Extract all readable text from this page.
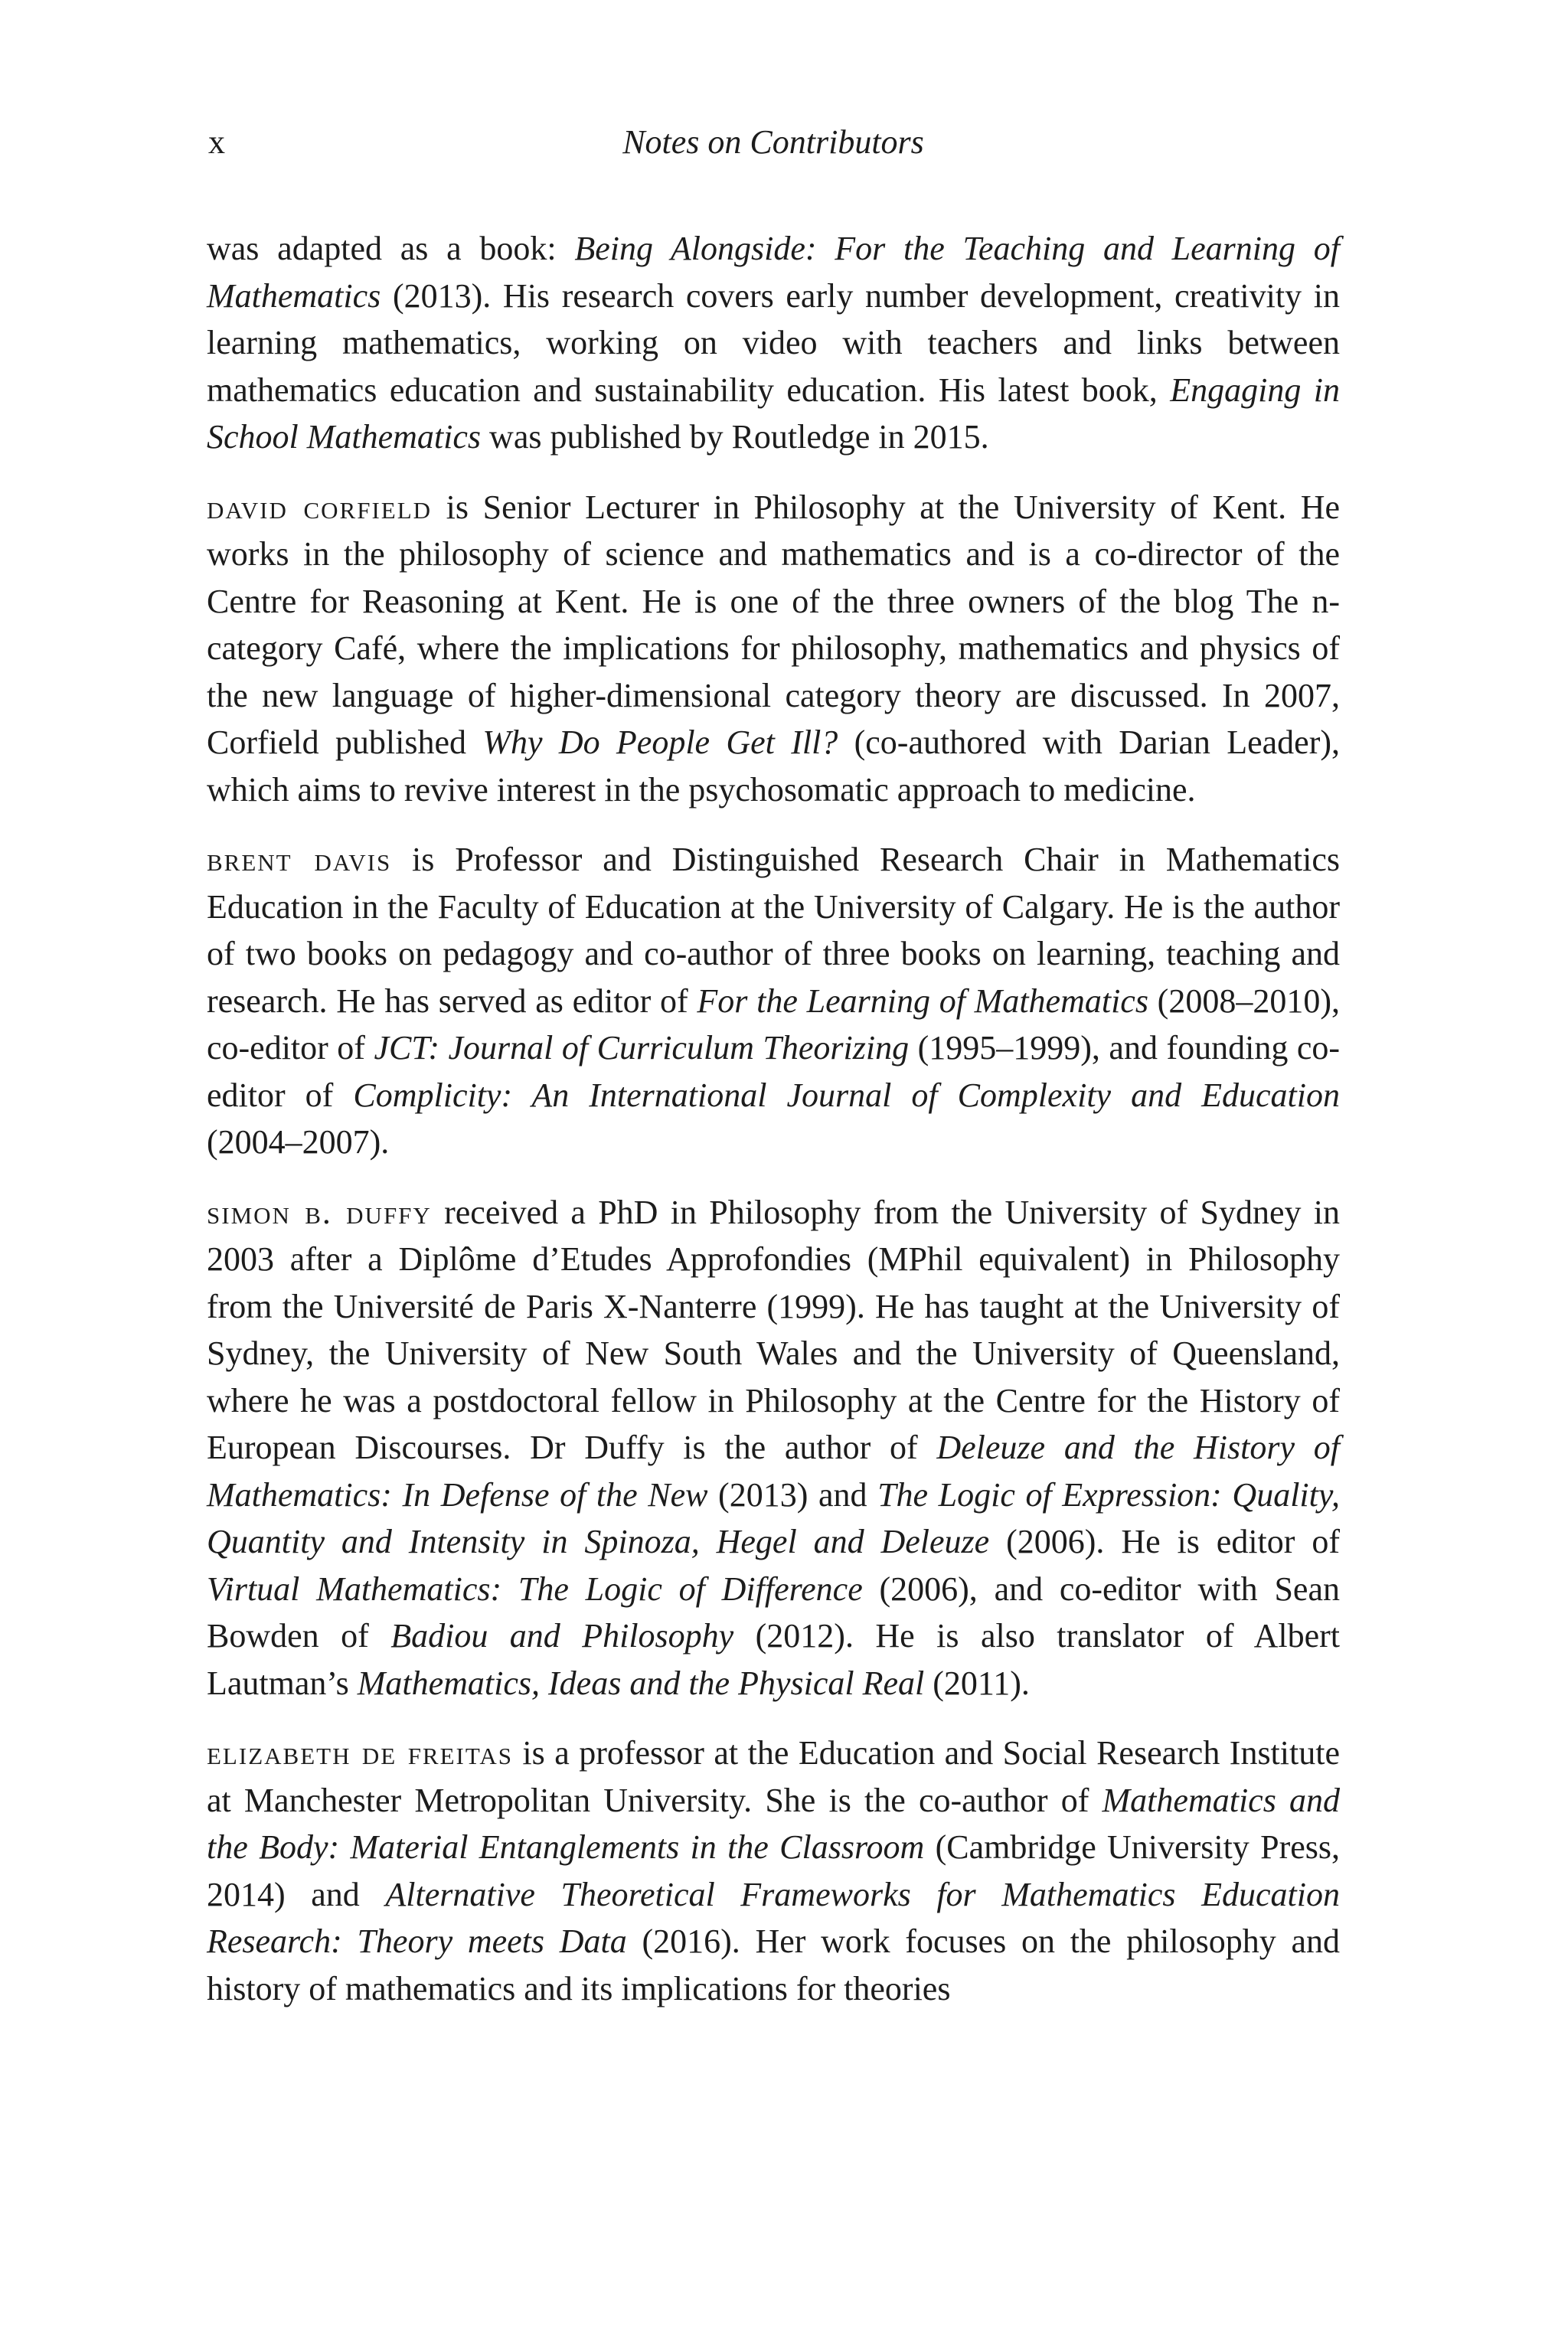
x	Notes on Contributors

was adapted as a book: Being Alongside: For the Teaching and Learning of Mathematics (2013). His research covers early number development, creativity in learning mathematics, working on video with teachers and links between mathematics education and sustainability education. His latest book, Engaging in School Mathematics was published by Routledge in 2015.

david corfield is Senior Lecturer in Philosophy at the University of Kent. He works in the philosophy of science and mathematics and is a co-director of the Centre for Reasoning at Kent. He is one of the three owners of the blog The n-category Café, where the implications for philosophy, mathematics and physics of the new language of higher-dimensional category theory are discussed. In 2007, Corfield published Why Do People Get Ill? (co-authored with Darian Leader), which aims to revive interest in the psychosomatic approach to medicine.

brent davis is Professor and Distinguished Research Chair in Mathematics Education in the Faculty of Education at the University of Calgary. He is the author of two books on pedagogy and co-author of three books on learning, teaching and research. He has served as editor of For the Learning of Mathematics (2008–2010), co-editor of JCT: Journal of Curriculum Theorizing (1995–1999), and founding co-editor of Complicity: An International Journal of Complexity and Education (2004–2007).

simon b. duffy received a PhD in Philosophy from the University of Sydney in 2003 after a Diplôme d’Etudes Approfondies (MPhil equivalent) in Philosophy from the Université de Paris X-Nanterre (1999). He has taught at the University of Sydney, the University of New South Wales and the University of Queensland, where he was a postdoctoral fellow in Philosophy at the Centre for the History of European Discourses. Dr Duffy is the author of Deleuze and the History of Mathematics: In Defense of the New (2013) and The Logic of Expression: Quality, Quantity and Intensity in Spinoza, Hegel and Deleuze (2006). He is editor of Virtual Mathematics: The Logic of Difference (2006), and co-editor with Sean Bowden of Badiou and Philosophy (2012). He is also translator of Albert Lautman’s Mathematics, Ideas and the Physical Real (2011).

elizabeth de freitas is a professor at the Education and Social Research Institute at Manchester Metropolitan University. She is the co-author of Mathematics and the Body: Material Entanglements in the Classroom (Cambridge University Press, 2014) and Alternative Theoretical Frameworks for Mathematics Education Research: Theory meets Data (2016). Her work focuses on the philosophy and history of mathematics and its implications for theories
